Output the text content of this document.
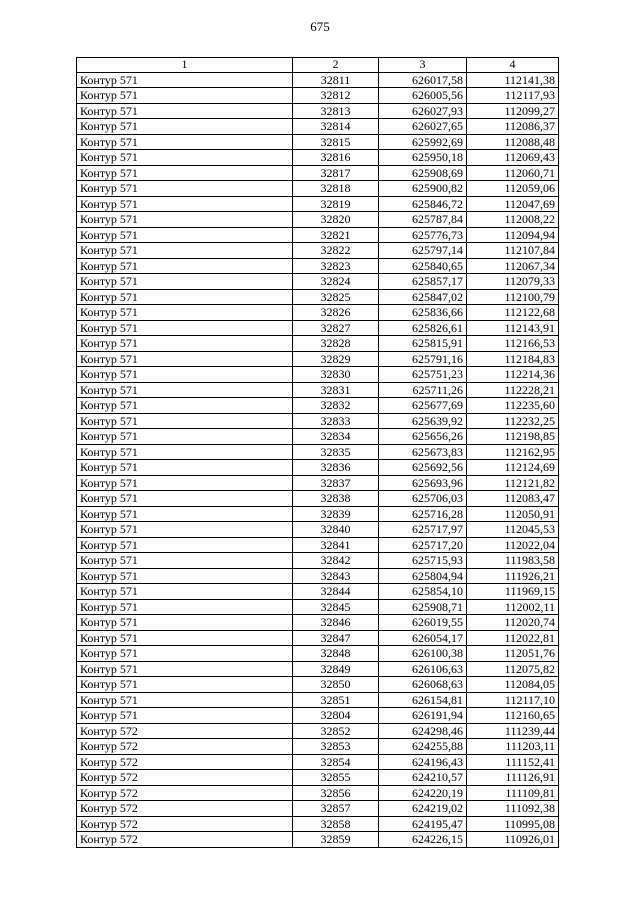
675
1	2	3	4
Контур 571	32811	626017,58	112141,38
Контур 571	32812	626005,56	112117,93
Контур 571	32813	626027,93	112099,27
Контур 571	32814	626027,65	112086,37
Контур 571	32815	625992,69	112088,48
Контур 571	32816	625950,18	112069,43
Контур 571	32817	625908,69	112060,71
Контур 571	32818	625900,82	112059,06
Контур 571	32819	625846,72	112047,69
Контур 571	32820	625787,84	112008,22
Контур 571	32821	625776,73	112094,94
Контур 571	32822	625797,14	112107,84
Контур 571	32823	625840,65	112067,34
Контур 571	32824	625857,17	112079,33
Контур 571	32825	625847,02	112100,79
Контур 571	32826	625836,66	112122,68
Контур 571	32827	625826,61	112143,91
Контур 571	32828	625815,91	112166,53
Контур 571	32829	625791,16	112184,83
Контур 571	32830	625751,23	112214,36
Контур 571	32831	625711,26	112228,21
Контур 571	32832	625677,69	112235,60
Контур 571	32833	625639,92	112232,25
Контур 571	32834	625656,26	112198,85
Контур 571	32835	625673,83	112162,95
Контур 571	32836	625692,56	112124,69
Контур 571	32837	625693,96	112121,82
Контур 571	32838	625706,03	112083,47
Контур 571	32839	625716,28	112050,91
Контур 571	32840	625717,97	112045,53
Контур 571	32841	625717,20	112022,04
Контур 571	32842	625715,93	111983,58
Контур 571	32843	625804,94	111926,21
Контур 571	32844	625854,10	111969,15
Контур 571	32845	625908,71	112002,11
Контур 571	32846	626019,55	112020,74
Контур 571	32847	626054,17	112022,81
Контур 571	32848	626100,38	112051,76
Контур 571	32849	626106,63	112075,82
Контур 571	32850	626068,63	112084,05
Контур 571	32851	626154,81	112117,10
Контур 571	32804	626191,94	112160,65
Контур 572	32852	624298,46	111239,44
Контур 572	32853	624255,88	111203,11
Контур 572	32854	624196,43	111152,41
Контур 572	32855	624210,57	111126,91
Контур 572	32856	624220,19	111109,81
Контур 572	32857	624219,02	111092,38
Контур 572	32858	624195,47	110995,08
Контур 572	32859	624226,15	110926,01
